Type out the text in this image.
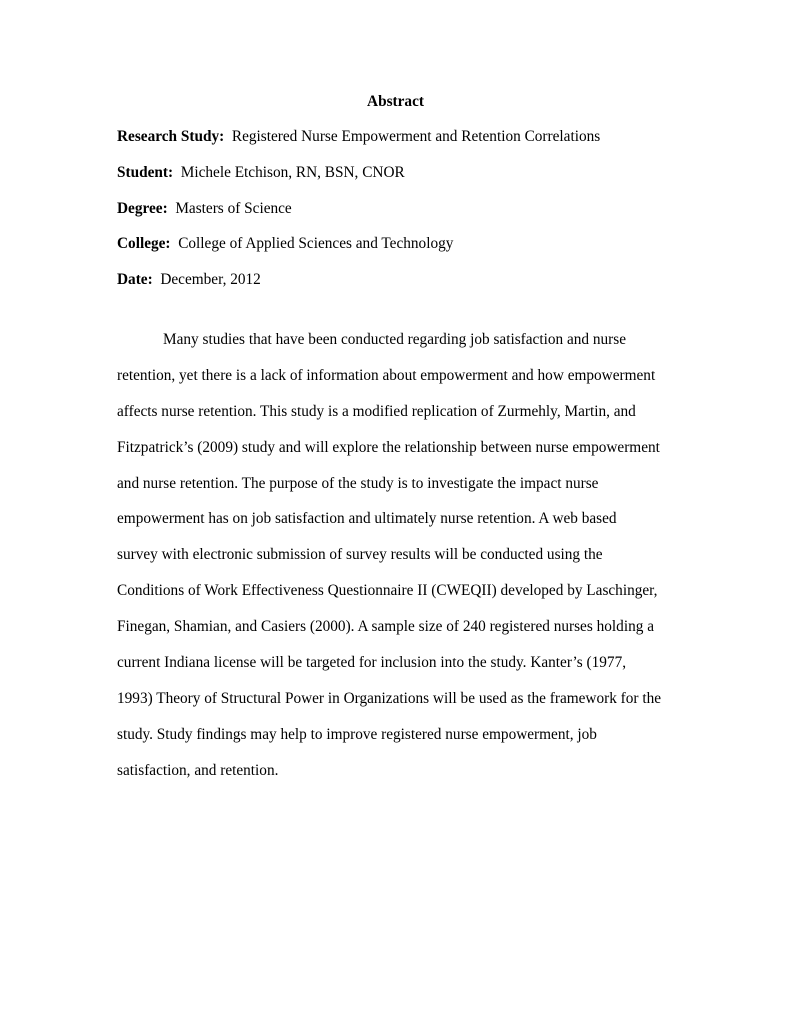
Abstract
Research Study: Registered Nurse Empowerment and Retention Correlations
Student: Michele Etchison, RN, BSN, CNOR
Degree: Masters of Science
College: College of Applied Sciences and Technology
Date: December, 2012
Many studies that have been conducted regarding job satisfaction and nurse
retention, yet there is a lack of information about empowerment and how empowerment
affects nurse retention. This study is a modified replication of Zurmehly, Martin, and
Fitzpatrick’s (2009) study and will explore the relationship between nurse empowerment
and nurse retention. The purpose of the study is to investigate the impact nurse
empowerment has on job satisfaction and ultimately nurse retention. A web based
survey with electronic submission of survey results will be conducted using the
Conditions of Work Effectiveness Questionnaire II (CWEQII) developed by Laschinger,
Finegan, Shamian, and Casiers (2000). A sample size of 240 registered nurses holding a
current Indiana license will be targeted for inclusion into the study. Kanter’s (1977,
1993) Theory of Structural Power in Organizations will be used as the framework for the
study. Study findings may help to improve registered nurse empowerment, job
satisfaction, and retention.
